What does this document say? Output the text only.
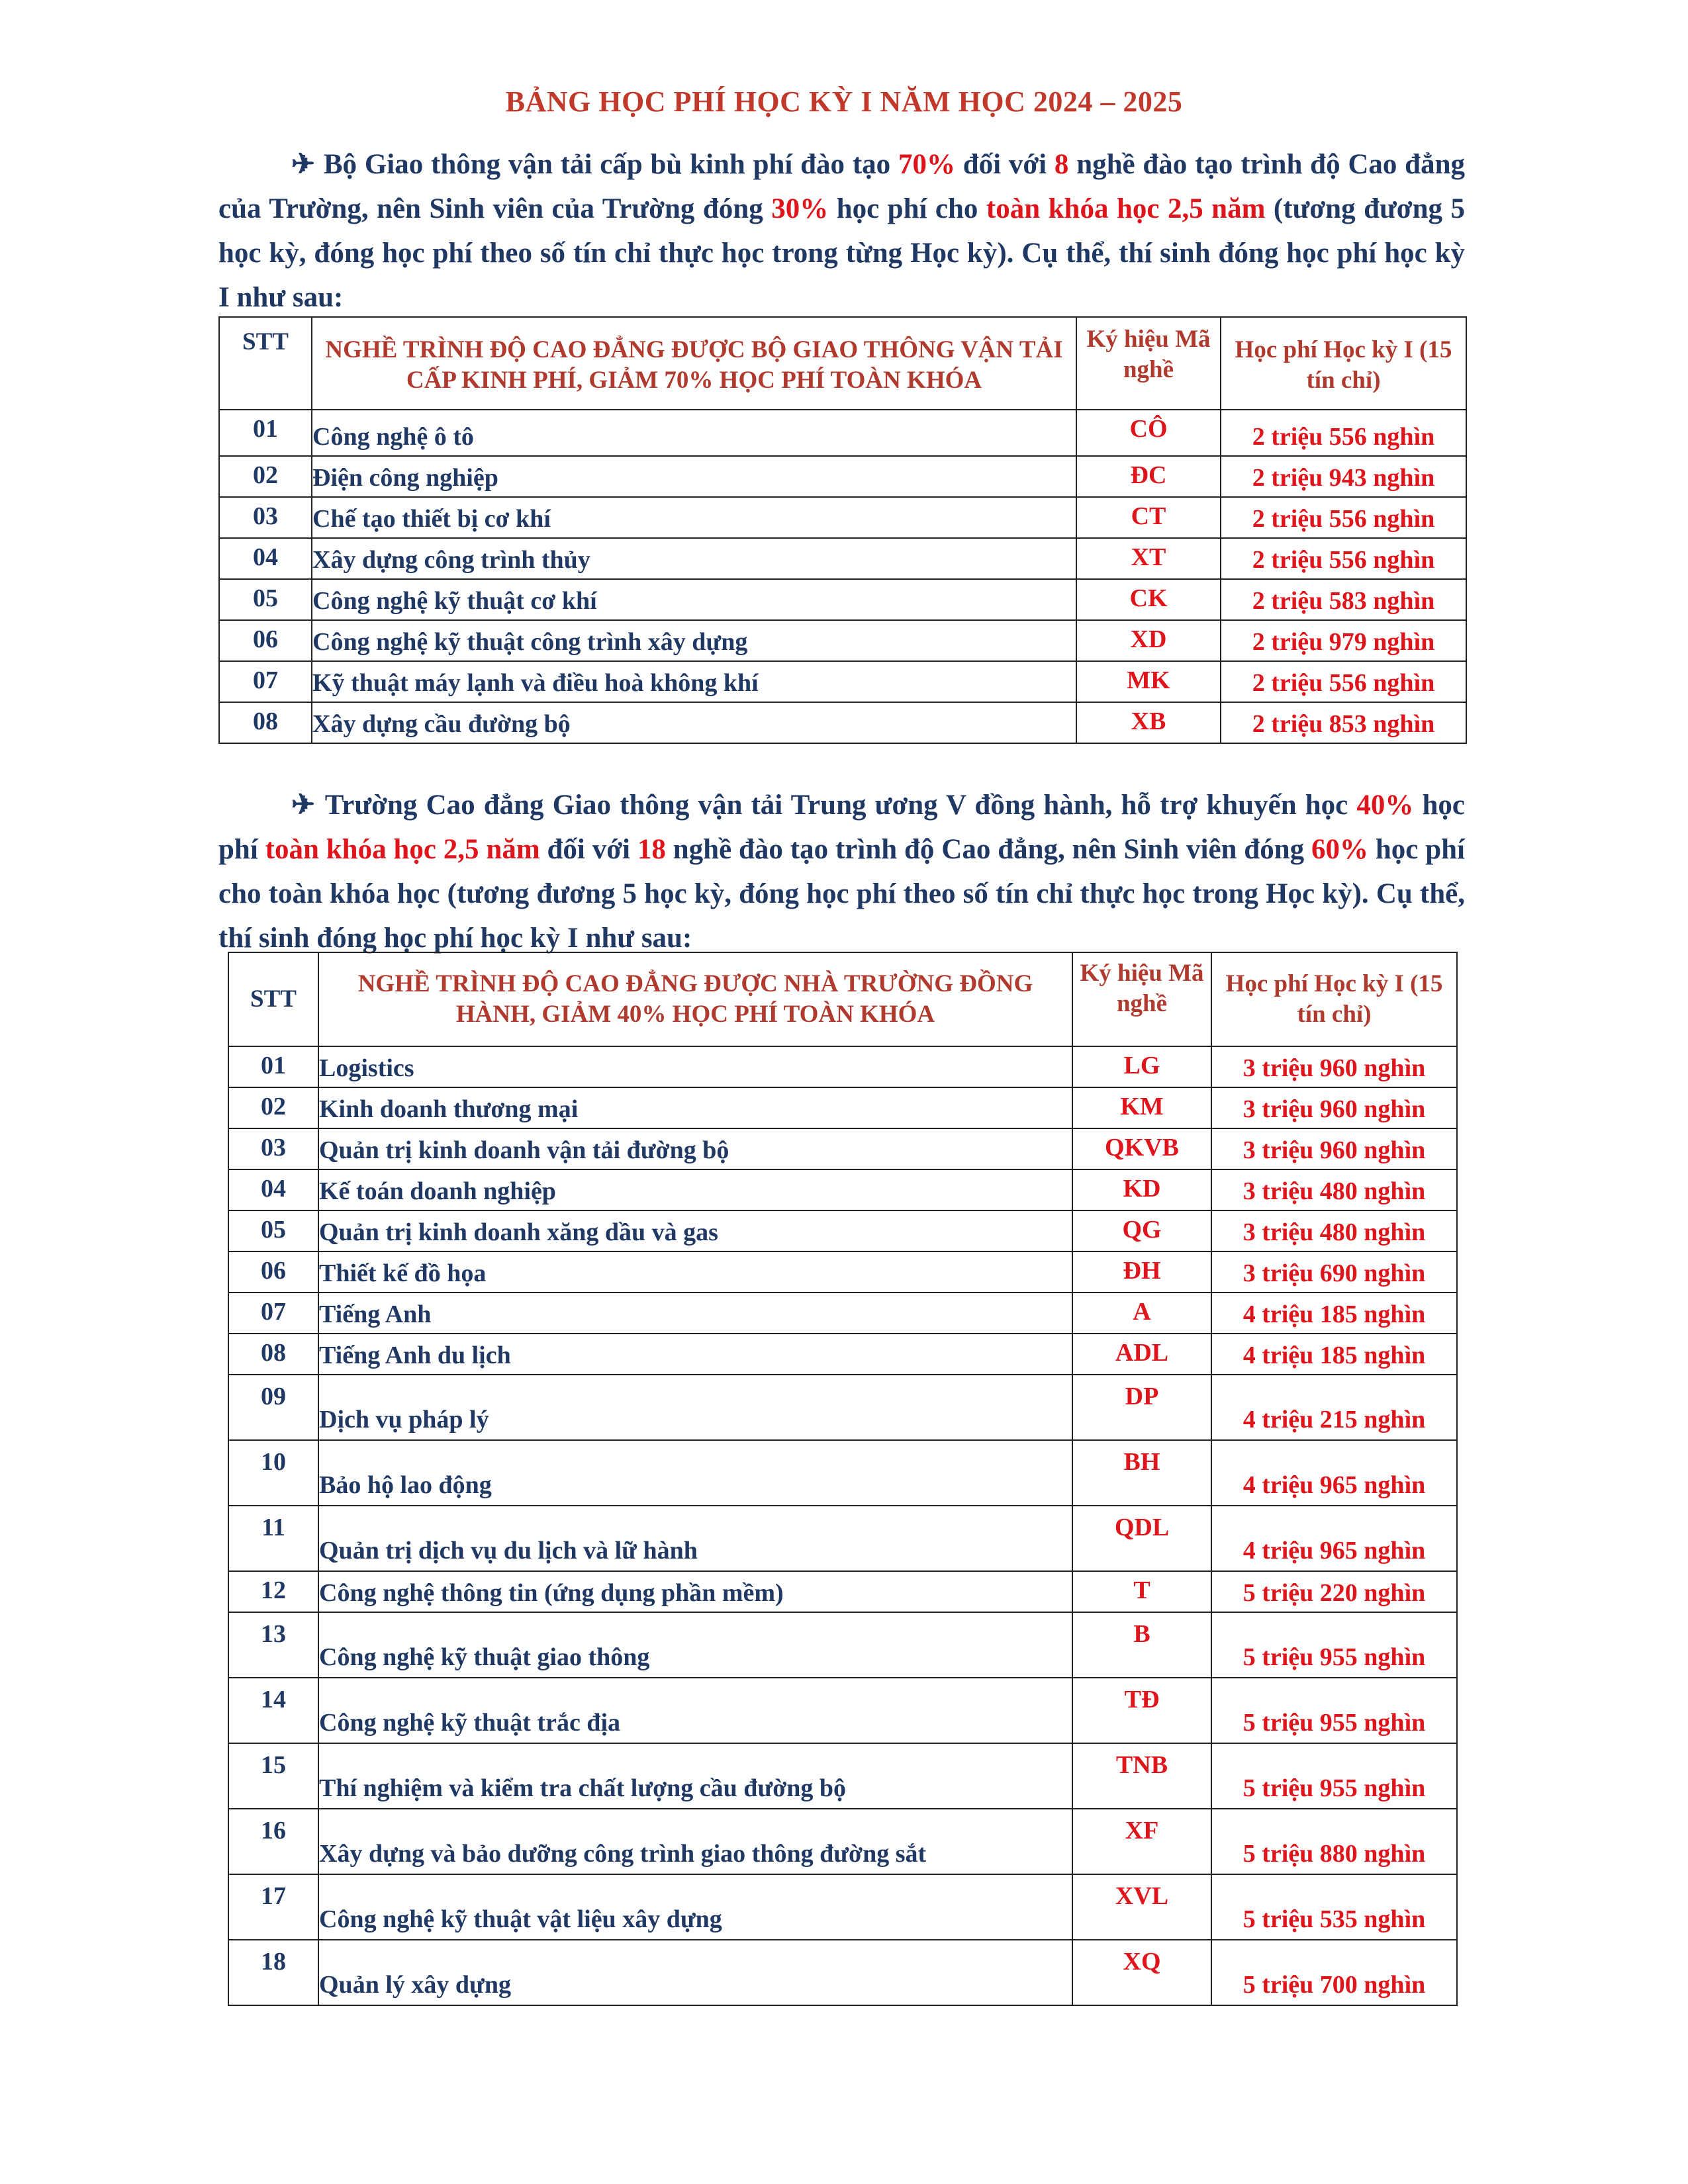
BẢNG HỌC PHÍ HỌC KỲ I NĂM HỌC 2024 – 2025
✈ Bộ Giao thông vận tải cấp bù kinh phí đào tạo 70% đối với 8 nghề đào tạo trình độ Cao đẳng của Trường, nên Sinh viên của Trường đóng 30% học phí cho toàn khóa học 2,5 năm (tương đương 5 học kỳ, đóng học phí theo số tín chỉ thực học trong từng Học kỳ). Cụ thể, thí sinh đóng học phí học kỳ I như sau:
STT	NGHỀ TRÌNH ĐỘ CAO ĐẲNG ĐƯỢC BỘ GIAO THÔNG VẬN TẢI CẤP KINH PHÍ, GIẢM 70% HỌC PHÍ TOÀN KHÓA	Ký hiệu Mã nghề	Học phí Học kỳ I (15 tín chỉ)
01	Công nghệ ô tô	CÔ	2 triệu 556 nghìn
02	Điện công nghiệp	ĐC	2 triệu 943 nghìn
03	Chế tạo thiết bị cơ khí	CT	2 triệu 556 nghìn
04	Xây dựng công trình thủy	XT	2 triệu 556 nghìn
05	Công nghệ kỹ thuật cơ khí	CK	2 triệu 583 nghìn
06	Công nghệ kỹ thuật công trình xây dựng	XD	2 triệu 979 nghìn
07	Kỹ thuật máy lạnh và điều hoà không khí	MK	2 triệu 556 nghìn
08	Xây dựng cầu đường bộ	XB	2 triệu 853 nghìn
✈ Trường Cao đẳng Giao thông vận tải Trung ương V đồng hành, hỗ trợ khuyến học 40% học phí toàn khóa học 2,5 năm đối với 18 nghề đào tạo trình độ Cao đẳng, nên Sinh viên đóng 60% học phí cho toàn khóa học (tương đương 5 học kỳ, đóng học phí theo số tín chỉ thực học trong Học kỳ). Cụ thể, thí sinh đóng học phí học kỳ I như sau:
STT	NGHỀ TRÌNH ĐỘ CAO ĐẲNG ĐƯỢC NHÀ TRƯỜNG ĐỒNG HÀNH, GIẢM 40% HỌC PHÍ TOÀN KHÓA	Ký hiệu Mã nghề	Học phí Học kỳ I (15 tín chỉ)
01	Logistics	LG	3 triệu 960 nghìn
02	Kinh doanh thương mại	KM	3 triệu 960 nghìn
03	Quản trị kinh doanh vận tải đường bộ	QKVB	3 triệu 960 nghìn
04	Kế toán doanh nghiệp	KD	3 triệu 480 nghìn
05	Quản trị kinh doanh xăng dầu và gas	QG	3 triệu 480 nghìn
06	Thiết kế đồ họa	ĐH	3 triệu 690 nghìn
07	Tiếng Anh	A	4 triệu 185 nghìn
08	Tiếng Anh du lịch	ADL	4 triệu 185 nghìn
09	Dịch vụ pháp lý	DP	4 triệu 215 nghìn
10	Bảo hộ lao động	BH	4 triệu 965 nghìn
11	Quản trị dịch vụ du lịch và lữ hành	QDL	4 triệu 965 nghìn
12	Công nghệ thông tin (ứng dụng phần mềm)	T	5 triệu 220 nghìn
13	Công nghệ kỹ thuật giao thông	B	5 triệu 955 nghìn
14	Công nghệ kỹ thuật trắc địa	TĐ	5 triệu 955 nghìn
15	Thí nghiệm và kiểm tra chất lượng cầu đường bộ	TNB	5 triệu 955 nghìn
16	Xây dựng và bảo dưỡng công trình giao thông đường sắt	XF	5 triệu 880 nghìn
17	Công nghệ kỹ thuật vật liệu xây dựng	XVL	5 triệu 535 nghìn
18	Quản lý xây dựng	XQ	5 triệu 700 nghìn
